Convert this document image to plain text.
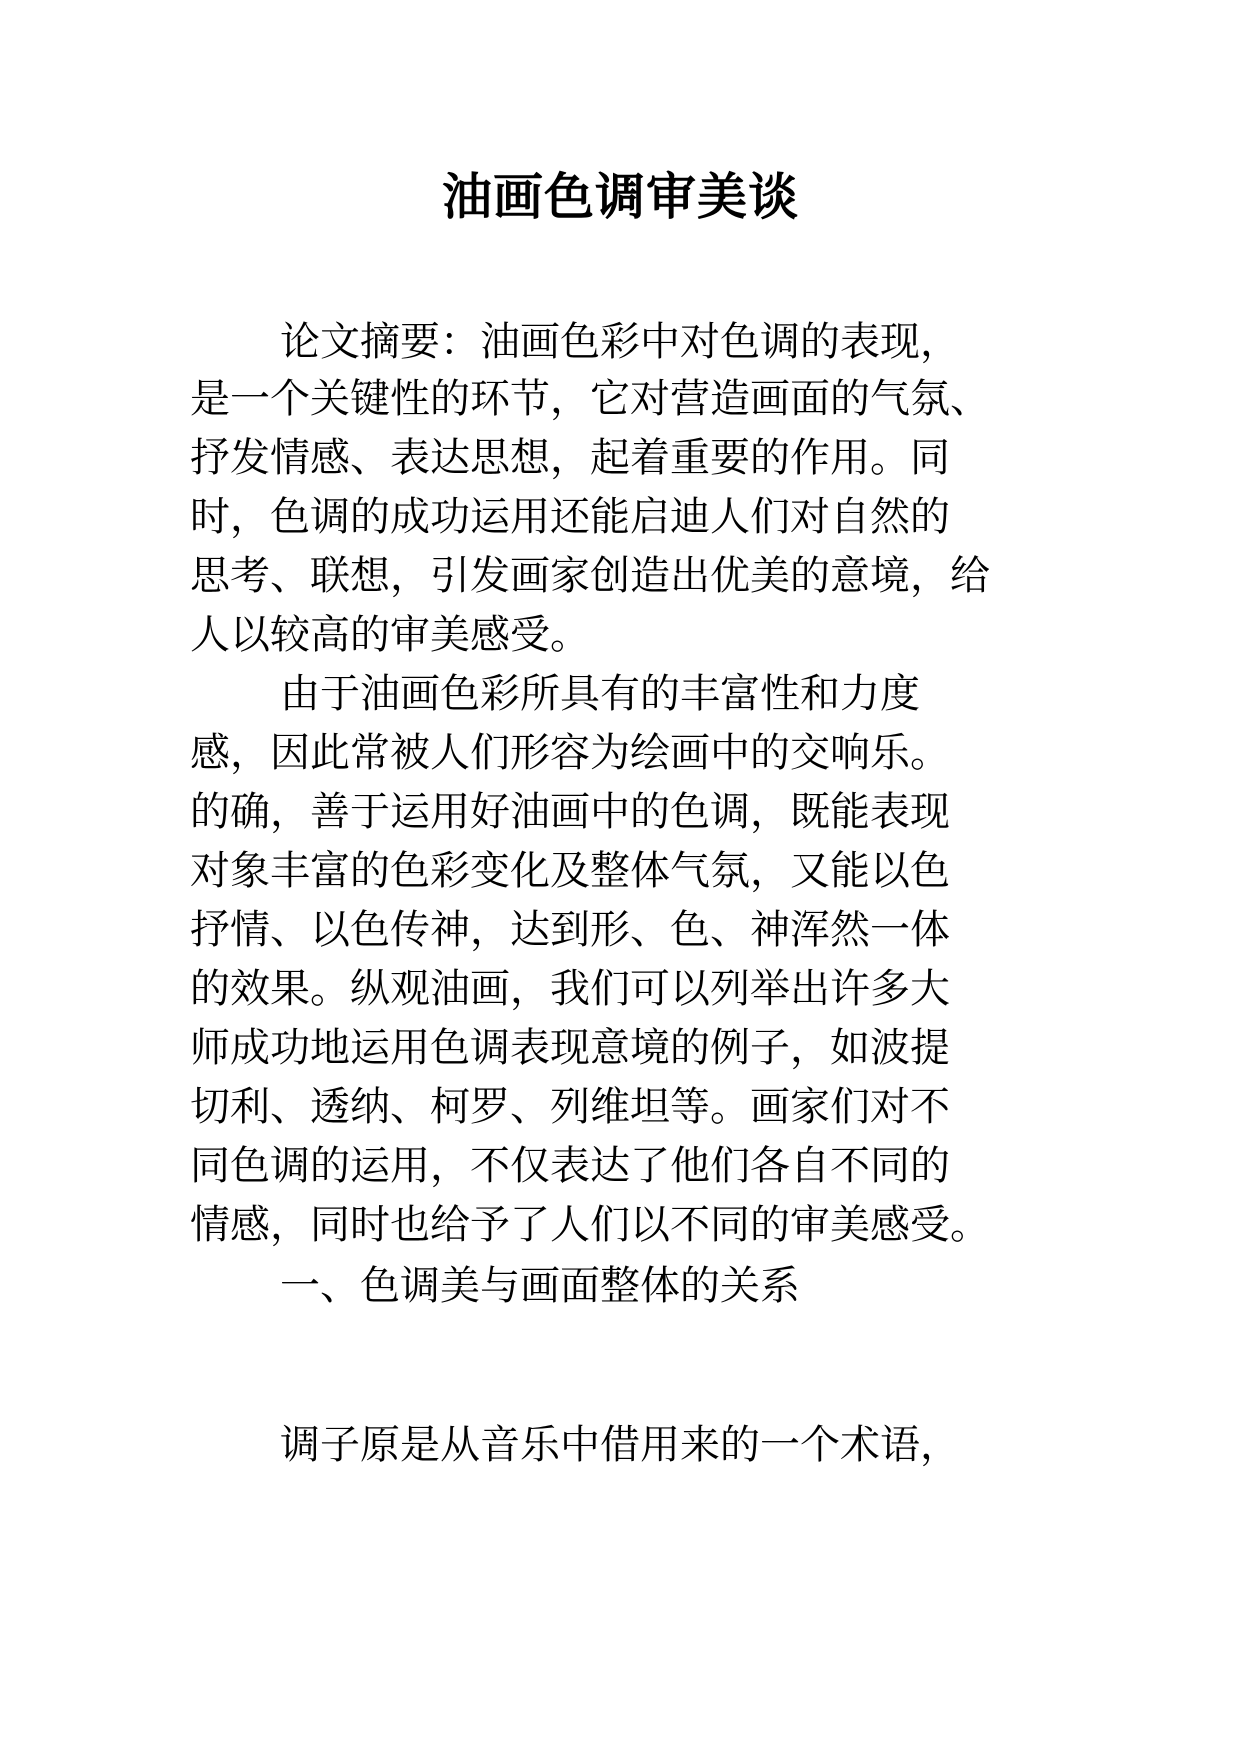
油画色调审美谈
论文摘要：油画色彩中对色调的表现，
是一个关键性的环节，它对营造画面的气氛、
抒发情感、表达思想，起着重要的作用。同
时，色调的成功运用还能启迪人们对自然的
思考、联想，引发画家创造出优美的意境，给
人以较高的审美感受。
由于油画色彩所具有的丰富性和力度
感，因此常被人们形容为绘画中的交响乐。
的确，善于运用好油画中的色调，既能表现
对象丰富的色彩变化及整体气氛，又能以色
抒情、以色传神，达到形、色、神浑然一体
的效果。纵观油画，我们可以列举出许多大
师成功地运用色调表现意境的例子，如波提
切利、透纳、柯罗、列维坦等。画家们对不
同色调的运用，不仅表达了他们各自不同的
情感，同时也给予了人们以不同的审美感受。
一、色调美与画面整体的关系
调子原是从音乐中借用来的一个术语，
